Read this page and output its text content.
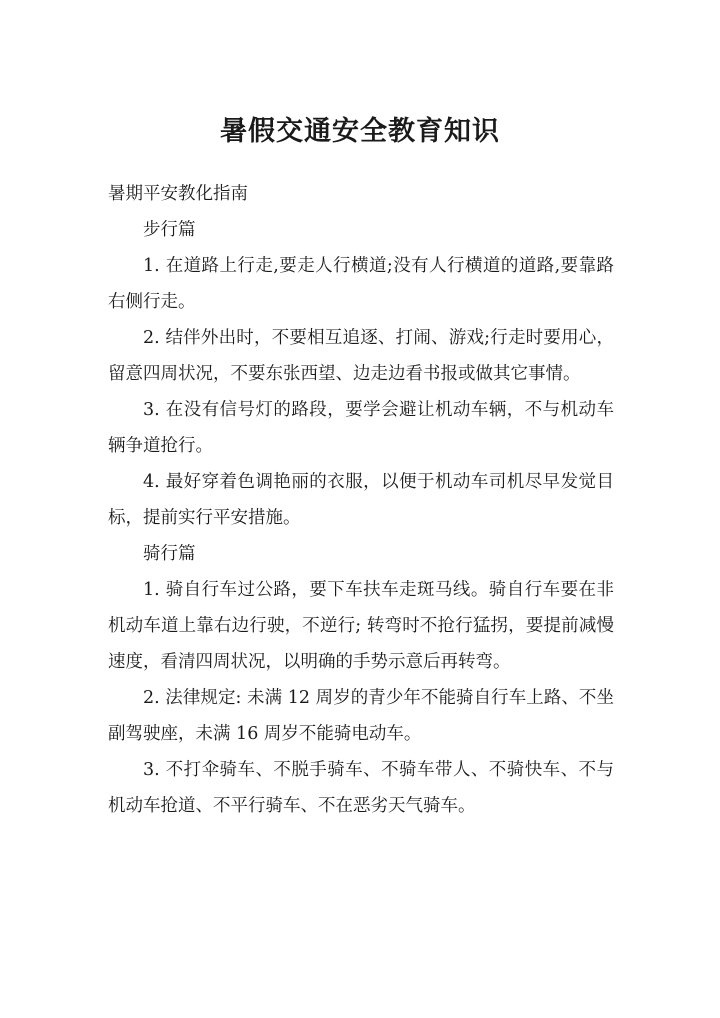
暑假交通安全教育知识
暑期平安教化指南
步行篇

1. 在道路上行走,要走人行横道;没有人行横道的道路,要靠路右侧行走。

2. 结伴外出时，不要相互追逐、打闹、游戏;行走时要用心，留意四周状况，不要东张西望、边走边看书报或做其它事情。

3. 在没有信号灯的路段，要学会避让机动车辆，不与机动车辆争道抢行。

4. 最好穿着色调艳丽的衣服，以便于机动车司机尽早发觉目标，提前实行平安措施。

骑行篇

1. 骑自行车过公路，要下车扶车走斑马线。骑自行车要在非机动车道上靠右边行驶，不逆行; 转弯时不抢行猛拐，要提前减慢速度，看清四周状况，以明确的手势示意后再转弯。

2. 法律规定: 未满 12 周岁的青少年不能骑自行车上路、不坐副驾驶座，未满 16 周岁不能骑电动车。

3. 不打伞骑车、不脱手骑车、不骑车带人、不骑快车、不与机动车抢道、不平行骑车、不在恶劣天气骑车。
